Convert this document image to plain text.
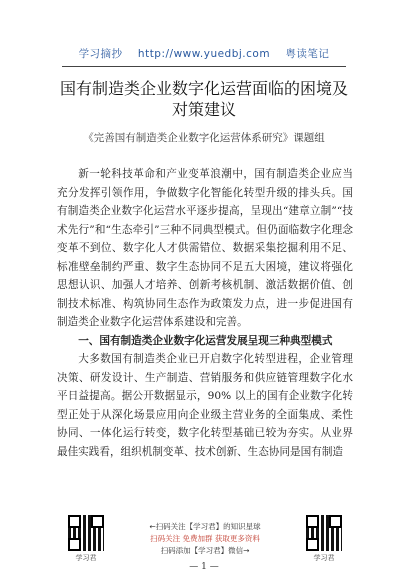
学习摘抄 http://www.yuedbj.com 粤读笔记
国有制造类企业数字化运营面临的困境及对策建议
《完善国有制造类企业数字化运营体系研究》课题组

新一轮科技革命和产业变革浪潮中，国有制造类企业应当充分发挥引领作用，争做数字化智能化转型升级的排头兵。国有制造类企业数字化运营水平逐步提高，呈现出“建章立制”“技术先行”和“生态牵引”三种不同典型模式。但仍面临数字化理念变革不到位、数字化人才供需错位、数据采集挖掘利用不足、标准壁垒制约严重、数字生态协同不足五大困境，建议将强化思想认识、加强人才培养、创新考核机制、激活数据价值、创制技术标准、构筑协同生态作为政策发力点，进一步促进国有制造类企业数字化运营体系建设和完善。

一、国有制造类企业数字化运营发展呈现三种典型模式

大多数国有制造类企业已开启数字化转型进程，企业管理决策、研发设计、生产制造、营销服务和供应链管理数字化水平日益提高。据公开数据显示，90% 以上的国有企业数字化转型正处于从深化场景应用向企业级主营业务的全面集成、柔性协同、一体化运行转变，数字化转型基础已较为夯实。从业界最佳实践看，组织机制变革、技术创新、生态协同是国有制造

←扫码关注【学习君】的知识星球
扫码关注 免费加群 获取更多资料
扫码添加【学习君】微信→
学习君	学习君
— 1 —
